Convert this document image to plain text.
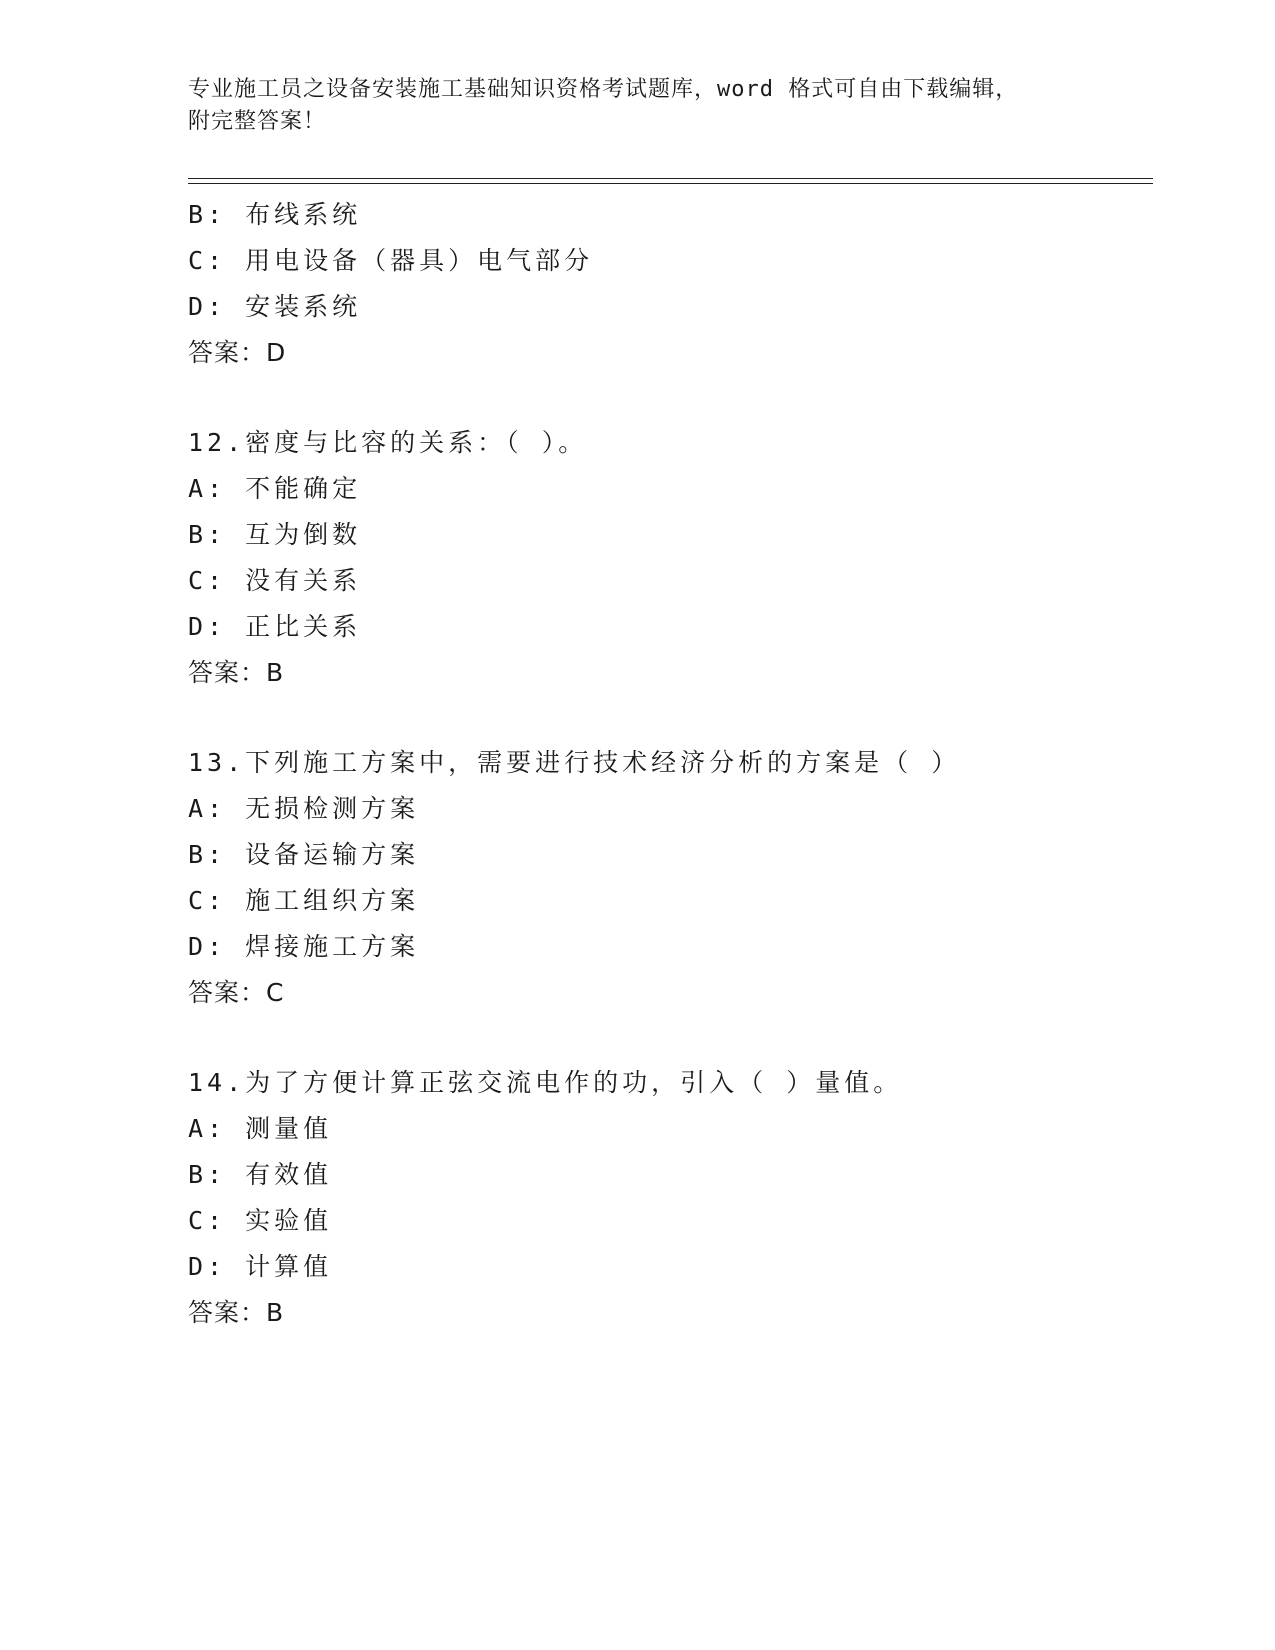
专业施工员之设备安装施工基础知识资格考试题库，word 格式可自由下载编辑，
附完整答案！
B: 布线系统
C: 用电设备（器具）电气部分
D: 安装系统
答案：D
12.密度与比容的关系：（ ）。
A: 不能确定
B: 互为倒数
C: 没有关系
D: 正比关系
答案：B
13.下列施工方案中，需要进行技术经济分析的方案是（ ）
A: 无损检测方案
B: 设备运输方案
C: 施工组织方案
D: 焊接施工方案
答案：C
14.为了方便计算正弦交流电作的功，引入（ ）量值。
A: 测量值
B: 有效值
C: 实验值
D: 计算值
答案：B
